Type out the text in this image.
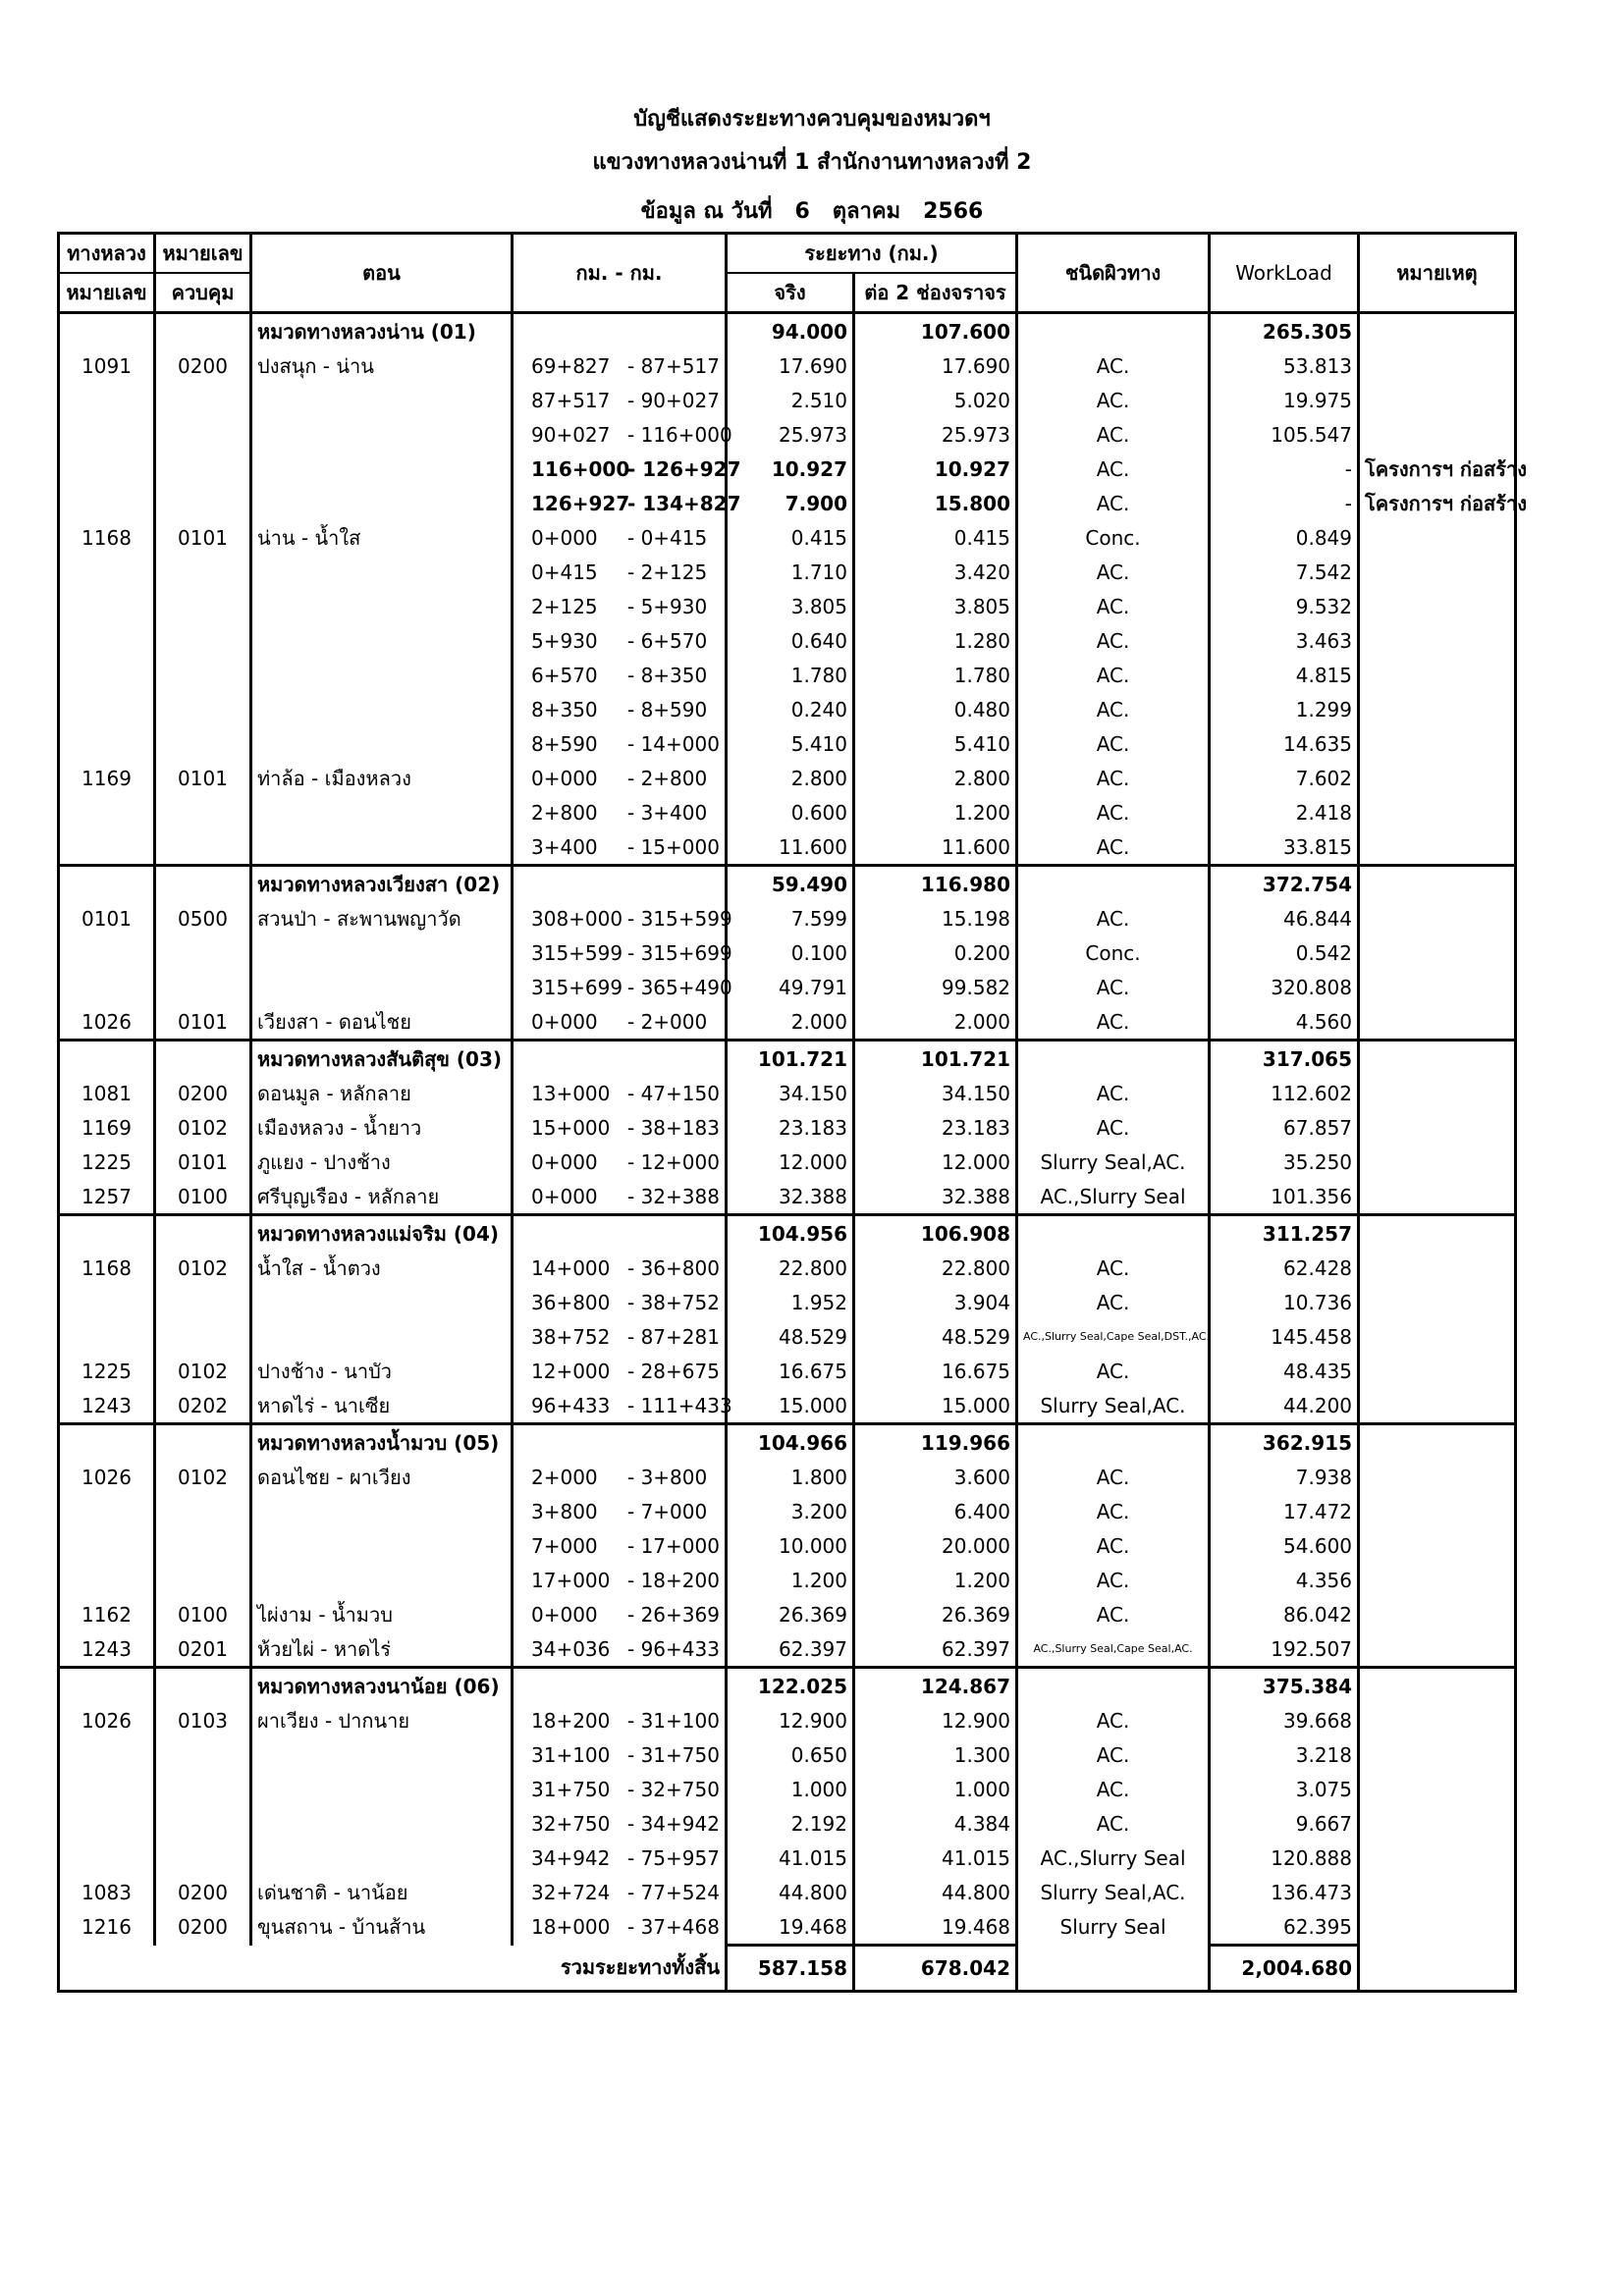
บัญชีแสดงระยะทางควบคุมของหมวดฯ
แขวงทางหลวงน่านที่ 1 สำนักงานทางหลวงที่ 2
ข้อมูล ณ วันที่ 6 ตุลาคม 2566
ทางหลวง	หมายเลข	ตอน	กม. - กม.	ระยะทาง (กม.)		ชนิดผิวทาง	WorkLoad	หมายเหตุ
หมายเลข	ควบคุม			จริง	ต่อ 2 ช่องจราจร			
		หมวดทางหลวงน่าน (01)		94.000	107.600		265.305	
1091	0200	ปงสนุก - น่าน	69+827 - 87+517	17.690	17.690	AC.	53.813	
			87+517 - 90+027	2.510	5.020	AC.	19.975	
			90+027 - 116+000	25.973	25.973	AC.	105.547	
			116+000- 126+927	10.927	10.927	AC.	-	โครงการฯ ก่อสร้าง
			126+927- 134+827	7.900	15.800	AC.	-	โครงการฯ ก่อสร้าง
1168	0101	น่าน - น้ำใส	0+000 - 0+415	0.415	0.415	Conc.	0.849	
			0+415 - 2+125	1.710	3.420	AC.	7.542	
			2+125 - 5+930	3.805	3.805	AC.	9.532	
			5+930 - 6+570	0.640	1.280	AC.	3.463	
			6+570 - 8+350	1.780	1.780	AC.	4.815	
			8+350 - 8+590	0.240	0.480	AC.	1.299	
			8+590 - 14+000	5.410	5.410	AC.	14.635	
1169	0101	ท่าล้อ - เมืองหลวง	0+000 - 2+800	2.800	2.800	AC.	7.602	
			2+800 - 3+400	0.600	1.200	AC.	2.418	
			3+400 - 15+000	11.600	11.600	AC.	33.815	
		หมวดทางหลวงเวียงสา (02)		59.490	116.980		372.754	
0101	0500	สวนป่า - สะพานพญาวัด	308+000 - 315+599	7.599	15.198	AC.	46.844	
			315+599 - 315+699	0.100	0.200	Conc.	0.542	
			315+699 - 365+490	49.791	99.582	AC.	320.808	
1026	0101	เวียงสา - ดอนไชย	0+000 - 2+000	2.000	2.000	AC.	4.560	
		หมวดทางหลวงสันติสุข (03)		101.721	101.721		317.065	
1081	0200	ดอนมูล - หลักลาย	13+000 - 47+150	34.150	34.150	AC.	112.602	
1169	0102	เมืองหลวง - น้ำยาว	15+000 - 38+183	23.183	23.183	AC.	67.857	
1225	0101	ภูแยง - ปางช้าง	0+000 - 12+000	12.000	12.000	Slurry Seal,AC.	35.250	
1257	0100	ศรีบุญเรือง - หลักลาย	0+000 - 32+388	32.388	32.388	AC.,Slurry Seal	101.356	
		หมวดทางหลวงแม่จริม (04)		104.956	106.908		311.257	
1168	0102	น้ำใส - น้ำตวง	14+000 - 36+800	22.800	22.800	AC.	62.428	
			36+800 - 38+752	1.952	3.904	AC.	10.736	
			38+752 - 87+281	48.529	48.529	AC.,Slurry Seal,Cape Seal,DST.,AC.	145.458	
1225	0102	ปางช้าง - นาบัว	12+000 - 28+675	16.675	16.675	AC.	48.435	
1243	0202	หาดไร่ - นาเซีย	96+433 - 111+433	15.000	15.000	Slurry Seal,AC.	44.200	
		หมวดทางหลวงน้ำมวบ (05)		104.966	119.966		362.915	
1026	0102	ดอนไชย - ผาเวียง	2+000 - 3+800	1.800	3.600	AC.	7.938	
			3+800 - 7+000	3.200	6.400	AC.	17.472	
			7+000 - 17+000	10.000	20.000	AC.	54.600	
			17+000 - 18+200	1.200	1.200	AC.	4.356	
1162	0100	ไผ่งาม - น้ำมวบ	0+000 - 26+369	26.369	26.369	AC.	86.042	
1243	0201	ห้วยไผ่ - หาดไร่	34+036 - 96+433	62.397	62.397	AC.,Slurry Seal,Cape Seal,AC.	192.507	
		หมวดทางหลวงนาน้อย (06)		122.025	124.867		375.384	
1026	0103	ผาเวียง - ปากนาย	18+200 - 31+100	12.900	12.900	AC.	39.668	
			31+100 - 31+750	0.650	1.300	AC.	3.218	
			31+750 - 32+750	1.000	1.000	AC.	3.075	
			32+750 - 34+942	2.192	4.384	AC.	9.667	
			34+942 - 75+957	41.015	41.015	AC.,Slurry Seal	120.888	
1083	0200	เด่นชาติ - นาน้อย	32+724 - 77+524	44.800	44.800	Slurry Seal,AC.	136.473	
1216	0200	ขุนสถาน - บ้านส้าน	18+000 - 37+468	19.468	19.468	Slurry Seal	62.395	
รวมระยะทางทั้งสิ้น				587.158	678.042		2,004.680	
